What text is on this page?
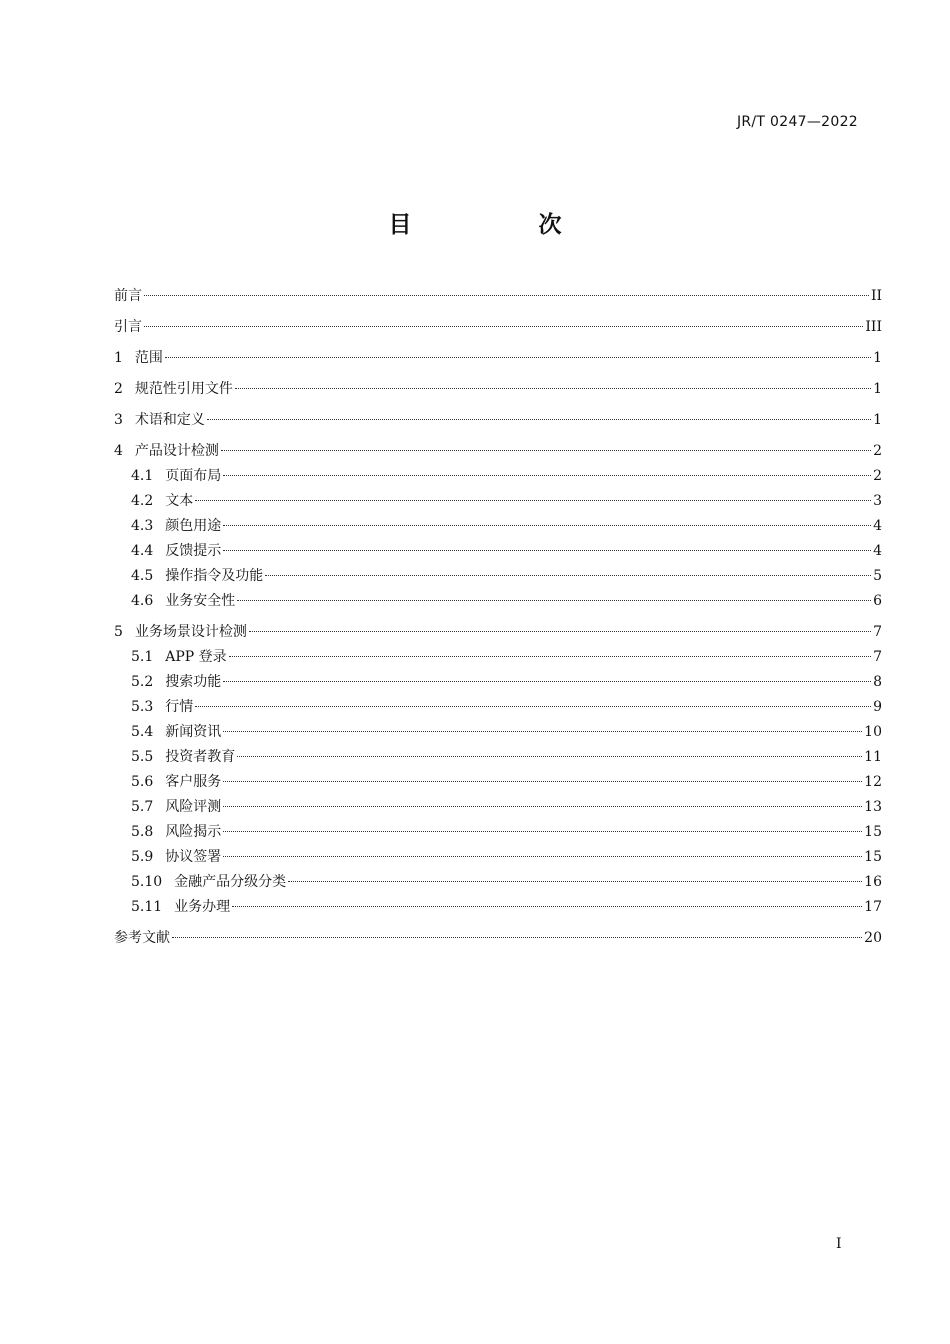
JR/T 0247—2022
目　次
前言	II
引言	III
1 范围	1
2 规范性引用文件	1
3 术语和定义	1
4 产品设计检测	2
4.1 页面布局	2
4.2 文本	3
4.3 颜色用途	4
4.4 反馈提示	4
4.5 操作指令及功能	5
4.6 业务安全性	6
5 业务场景设计检测	7
5.1 APP 登录	7
5.2 搜索功能	8
5.3 行情	9
5.4 新闻资讯	10
5.5 投资者教育	11
5.6 客户服务	12
5.7 风险评测	13
5.8 风险揭示	15
5.9 协议签署	15
5.10 金融产品分级分类	16
5.11 业务办理	17
参考文献	20
I
